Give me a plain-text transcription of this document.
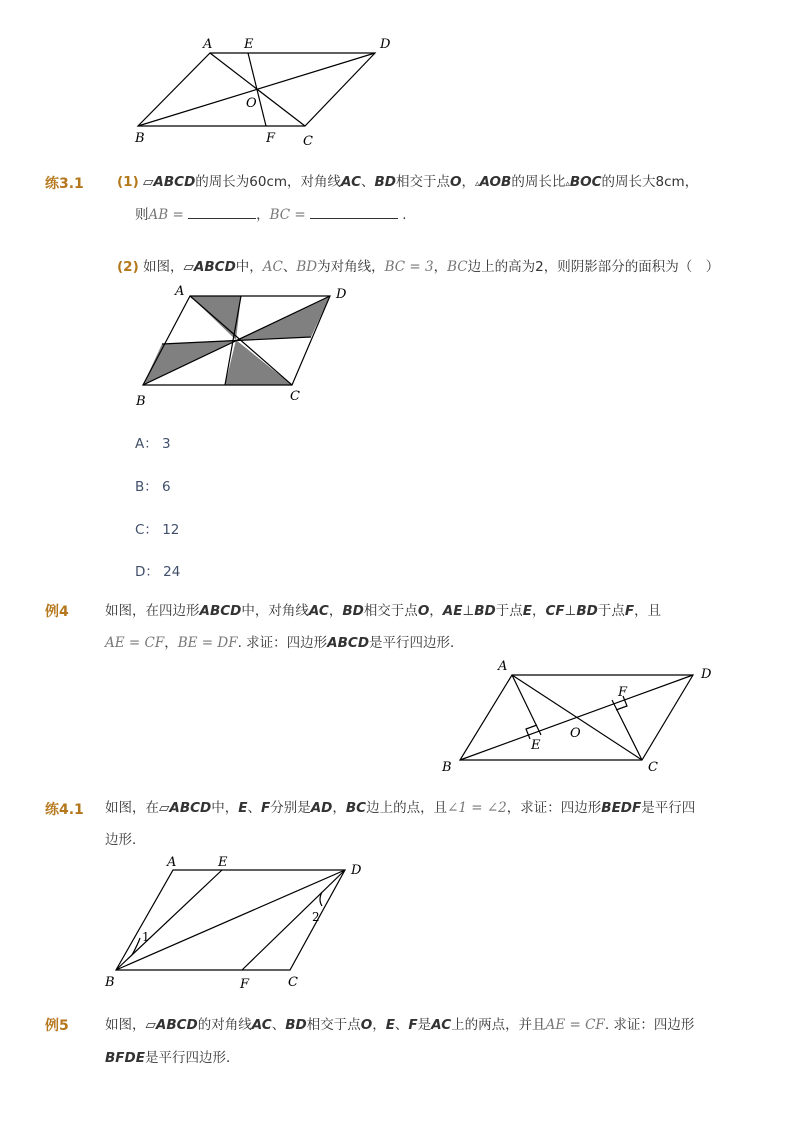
A E	D
O
B	F C
练3.1 (1) ▱ABCD的周长为60cm，对角线AC、BD相交于点O，▵AOB的周长比▵BOC的周长大8cm，
则AB =	，BC =	.
(2) 如图，▱ABCD中，AC、BD为对角线，BC = 3，BC边上的高为2，则阴影部分的面积为（　）
A	D
B	C
A： 3
B： 6
C： 12
D： 24
例4	如图，在四边形ABCD中，对角线AC，BD相交于点O，AE⊥BD于点E，CF⊥BD于点F，且
AE = CF，BE = DF. 求证：四边形ABCD是平行四边形．
A
D
F
E
O
B	C
练4.1 如图，在▱ABCD中，E、F分别是AD，BC边上的点，且∠1 = ∠2，求证：四边形BEDF是平行四
边形．
A	E
D
1
2
B	F	C
例5	如图，▱ABCD的对角线AC、BD相交于点O，E、F是AC上的两点，并且AE = CF. 求证：四边形
BFDE是平行四边形．
